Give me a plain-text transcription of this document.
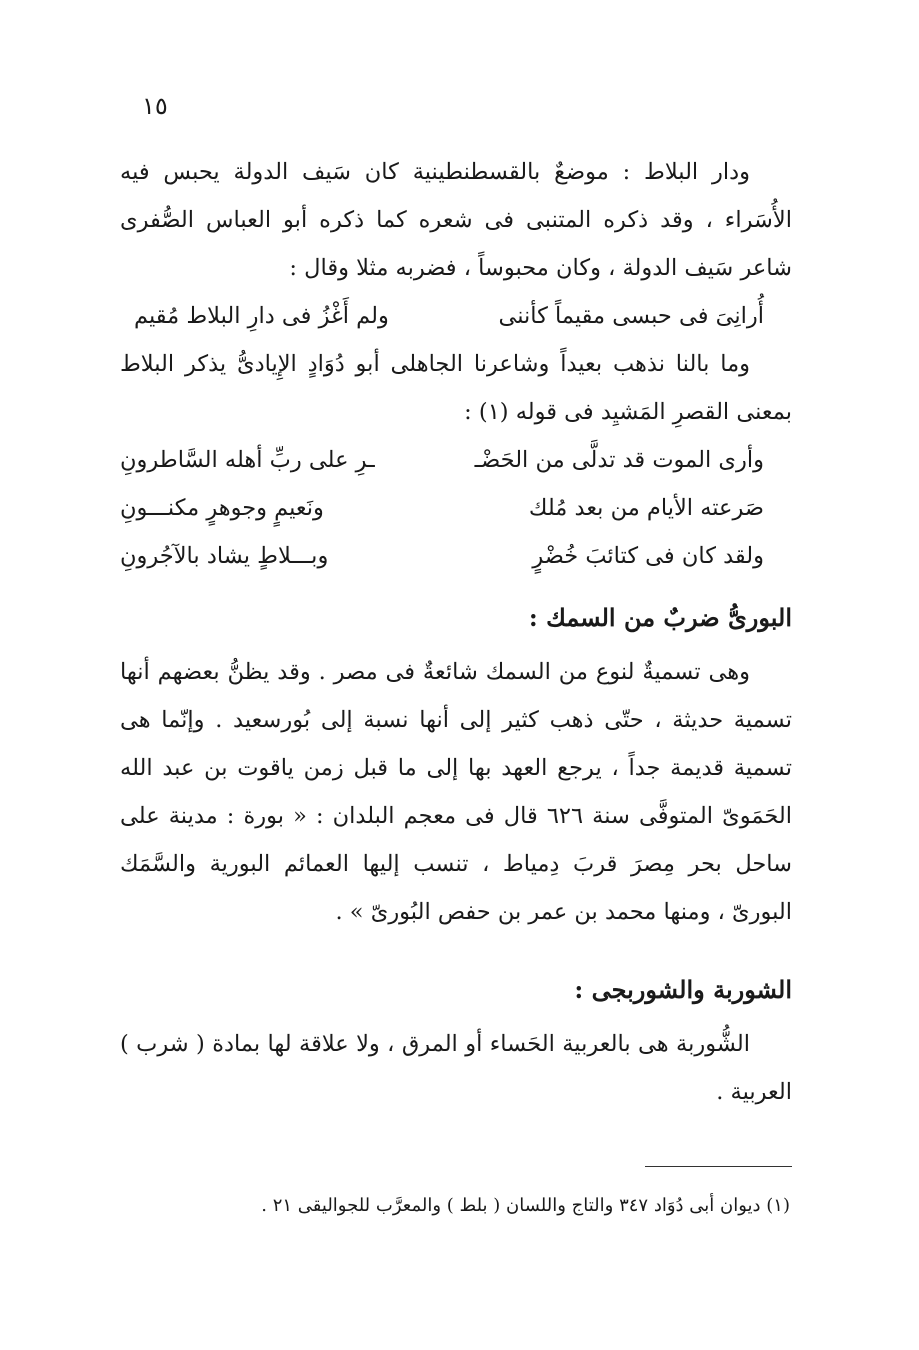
١٥

ودار البلاط : موضعٌ بالقسطنطينية كان سَيف الدولة يحبس فيه الأُسَراء ، وقد ذكره المتنبى فى شعره كما ذكره أبو العباس الصُّفرى شاعر سَيف الدولة ، وكان محبوساً ، فضربه مثلا وقال :

أُرانِىَ فى حبسى مقيماً كأننى
ولم أَغْزُ فى دارِ البلاط مُقيم

وما بالنا نذهب بعيداً وشاعرنا الجاهلى أبو دُوَادٍ الإِيادىُّ يذكر البلاط بمعنى القصرِ المَشيِد فى قوله (١) :

وأرى الموت قد تدلَّى من الحَضْـ
ـرِ على ربِّ أهله السَّاطرونِ
صَرعته الأيام من بعد مُلك
ونَعيمٍ وجوهرٍ مكنـــونِ
ولقد كان فى كتائبَ خُضْرٍ
وبـــلاطٍ يشاد بالآجُرونِ

البورىُّ ضربٌ من السمك :

وهى تسميةٌ لنوع من السمك شائعةٌ فى مصر . وقد يظنُّ بعضهم أنها تسمية حديثة ، حتّى ذهب كثير إلى أنها نسبة إلى بُورسعيد . وإنّما هى تسمية قديمة جداً ، يرجع العهد بها إلى ما قبل زمن ياقوت بن عبد الله الحَمَوىّ المتوفَّى سنة ٦٢٦ قال فى معجم البلدان : « بورة : مدينة على ساحل بحر مِصرَ قربَ دِمياط ، تنسب إليها العمائم البورية والسَّمَك البورىّ ، ومنها محمد بن عمر بن حفص البُورىّ » .

الشوربة والشوربجى :

الشُّوربة هى بالعربية الحَساء أو المرق ، ولا علاقة لها بمادة ( شرب ) العربية .

(١) ديوان أبى دُوَاد ٣٤٧ والتاج واللسان ( بلط ) والمعرَّب للجواليقى ٢١ .
